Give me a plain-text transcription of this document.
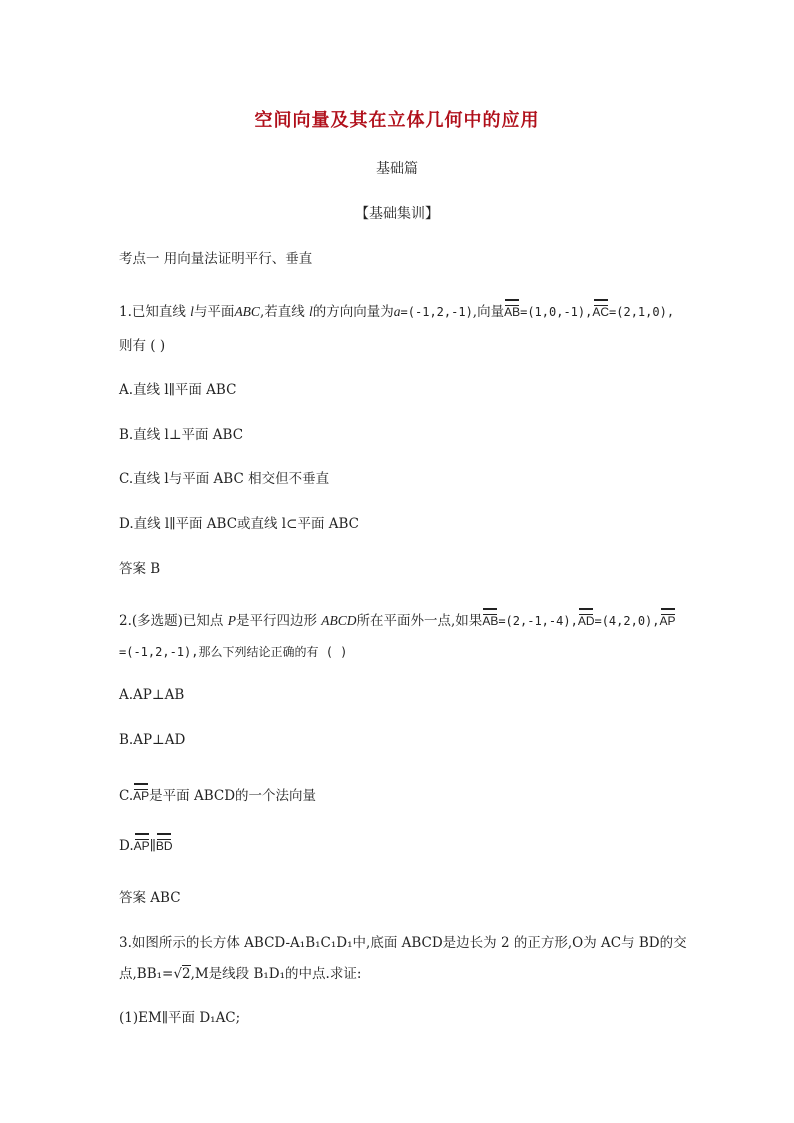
空间向量及其在立体几何中的应用
基础篇
【基础集训】
考点一 用向量法证明平行、垂直
1.已知直线 l与平面ABC,若直线 l的方向向量为a=(-1,2,-1),向量AB=(1,0,-1),AC=(2,1,0),
则有 ( )
A.直线 l∥平面 ABC
B.直线 l⊥平面 ABC
C.直线 l与平面 ABC 相交但不垂直
D.直线 l∥平面 ABC或直线 l⊂平面 ABC
答案 B
2.(多选题)已知点 P是平行四边形 ABCD所在平面外一点,如果AB=(2,-1,-4),AD=(4,2,0),AP
=(-1,2,-1),那么下列结论正确的有 ( )
A.AP⊥AB
B.AP⊥AD
C.AP是平面 ABCD的一个法向量
D.AP∥BD
答案 ABC
3.如图所示的长方体 ABCD-A₁B₁C₁D₁中,底面 ABCD是边长为 2 的正方形,O为 AC与 BD的交
点,BB₁=√2,M是线段 B₁D₁的中点.求证:
(1)EM∥平面 D₁AC;
